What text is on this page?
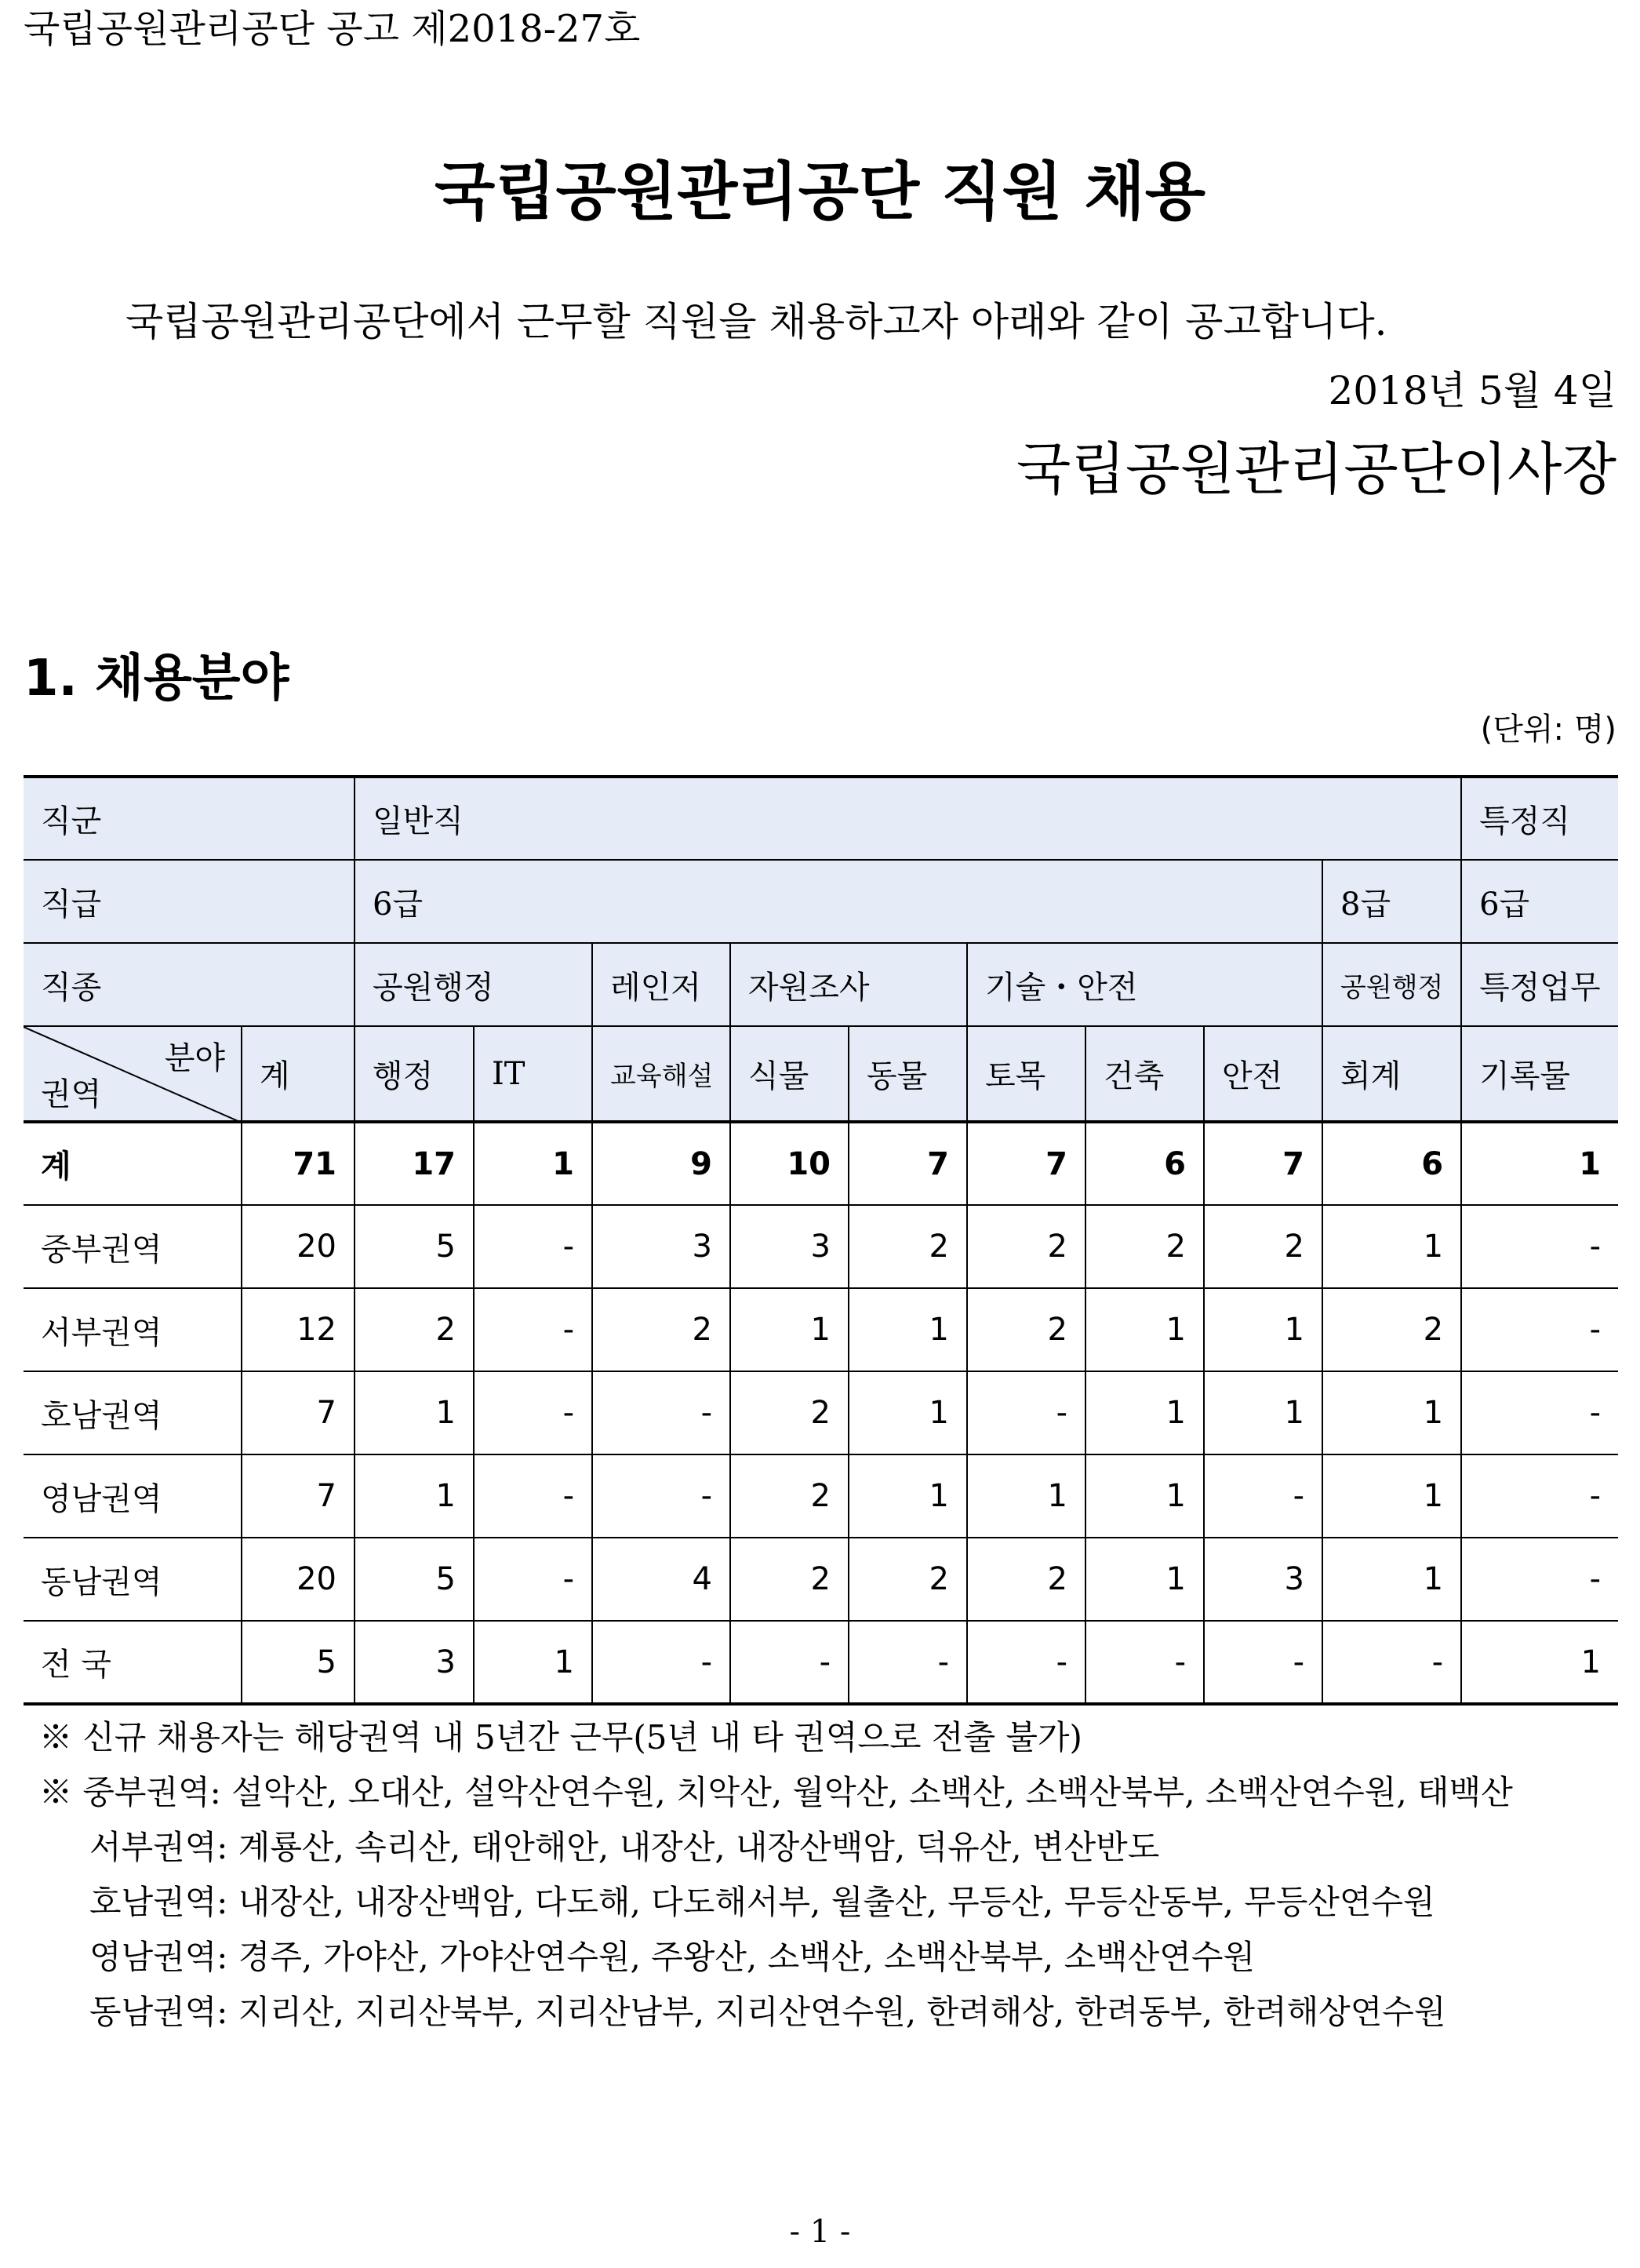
국립공원관리공단 공고 제2018-27호
국립공원관리공단 직원 채용
국립공원관리공단에서 근무할 직원을 채용하고자 아래와 같이 공고합니다.
2018년 5월 4일
국립공원관리공단이사장
1. 채용분야
(단위: 명)
직군		일반직									특정직
직급		6급								8급	6급
직종		공원행정		레인저	자원조사		기술・안전			공원행정	특정업무

분야
권역	계	행정	IT	교육해설	식물	동물	토목	건축	안전	회계	기록물
계	71	17	1	9	10	7	7	6	7	6	1
중부권역	20	5	-	3	3	2	2	2	2	1	-
서부권역	12	2	-	2	1	1	2	1	1	2	-
호남권역	7	1	-	-	2	1	-	1	1	1	-
영남권역	7	1	-	-	2	1	1	1	-	1	-
동남권역	20	5	-	4	2	2	2	1	3	1	-
전 국	5	3	1	-	-	-	-	-	-	-	1
※ 신규 채용자는 해당권역 내 5년간 근무(5년 내 타 권역으로 전출 불가)
※ 중부권역: 설악산, 오대산, 설악산연수원, 치악산, 월악산, 소백산, 소백산북부, 소백산연수원, 태백산
서부권역: 계룡산, 속리산, 태안해안, 내장산, 내장산백암, 덕유산, 변산반도
호남권역: 내장산, 내장산백암, 다도해, 다도해서부, 월출산, 무등산, 무등산동부, 무등산연수원
영남권역: 경주, 가야산, 가야산연수원, 주왕산, 소백산, 소백산북부, 소백산연수원
동남권역: 지리산, 지리산북부, 지리산남부, 지리산연수원, 한려해상, 한려동부, 한려해상연수원
- 1 -
